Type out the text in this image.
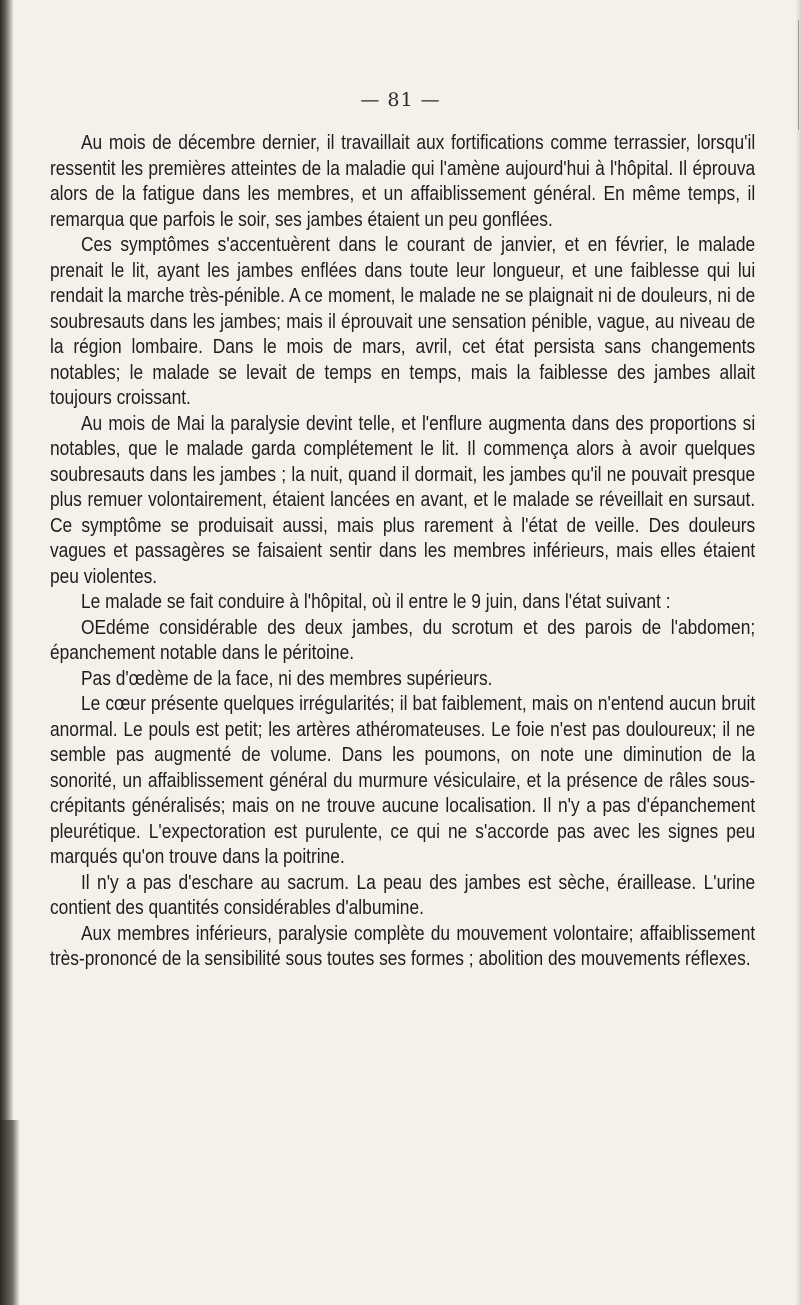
— 81 —

Au mois de décembre dernier, il travaillait aux fortifications comme terrassier, lorsqu'il ressentit les premières atteintes de la maladie qui l'amène aujourd'hui à l'hôpital. Il éprouva alors de la fatigue dans les membres, et un affaiblissement général. En même temps, il remarqua que parfois le soir, ses jambes étaient un peu gonflées.

Ces symptômes s'accentuèrent dans le courant de janvier, et en février, le malade prenait le lit, ayant les jambes enflées dans toute leur longueur, et une faiblesse qui lui rendait la marche très-pénible. A ce moment, le malade ne se plaignait ni de douleurs, ni de soubresauts dans les jambes; mais il éprouvait une sensation pénible, vague, au niveau de la région lombaire. Dans le mois de mars, avril, cet état persista sans changements notables; le malade se levait de temps en temps, mais la faiblesse des jambes allait toujours croissant.

Au mois de Mai la paralysie devint telle, et l'enflure augmenta dans des proportions si notables, que le malade garda complétement le lit. Il commença alors à avoir quelques soubresauts dans les jambes ; la nuit, quand il dormait, les jambes qu'il ne pouvait presque plus remuer volontairement, étaient lancées en avant, et le malade se réveillait en sursaut. Ce symptôme se produisait aussi, mais plus rarement à l'état de veille. Des douleurs vagues et passagères se faisaient sentir dans les membres inférieurs, mais elles étaient peu violentes.

Le malade se fait conduire à l'hôpital, où il entre le 9 juin, dans l'état suivant :

OEdéme considérable des deux jambes, du scrotum et des parois de l'abdomen; épanchement notable dans le péritoine.

Pas d'œdème de la face, ni des membres supérieurs.

Le cœur présente quelques irrégularités; il bat faiblement, mais on n'entend aucun bruit anormal. Le pouls est petit; les artères athéromateuses. Le foie n'est pas douloureux; il ne semble pas augmenté de volume. Dans les poumons, on note une diminution de la sonorité, un affaiblissement général du murmure vésiculaire, et la présence de râles sous-crépitants généralisés; mais on ne trouve aucune localisation. Il n'y a pas d'épanchement pleurétique. L'expectoration est purulente, ce qui ne s'accorde pas avec les signes peu marqués qu'on trouve dans la poitrine.

Il n'y a pas d'eschare au sacrum. La peau des jambes est sèche, éraillease. L'urine contient des quantités considérables d'albumine.

Aux membres inférieurs, paralysie complète du mouvement volontaire; affaiblissement très-prononcé de la sensibilité sous toutes ses formes ; abolition des mouvements réflexes.
